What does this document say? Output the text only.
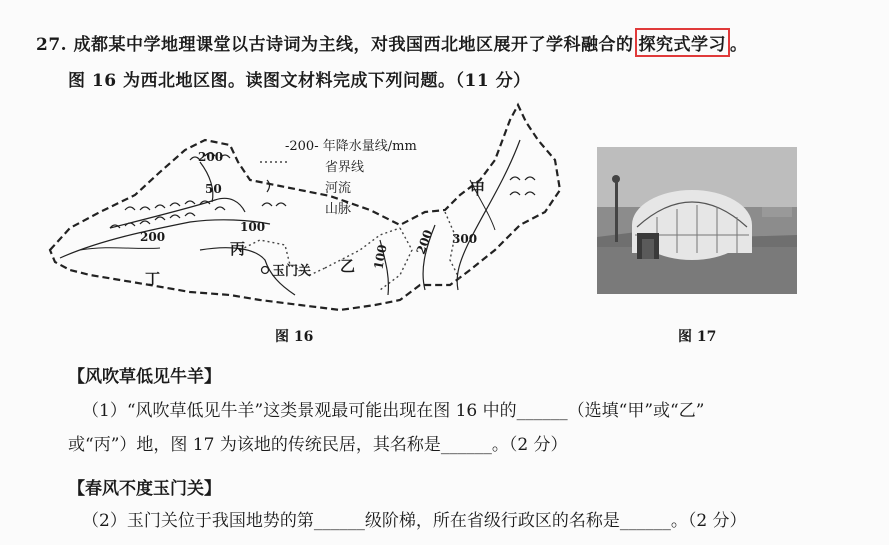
27. 成都某中学地理课堂以古诗词为主线，对我国西北地区展开了学科融合的 探究式学习 。
图 16 为西北地区图。读图文材料完成下列问题。（11 分）
-200- 年降水量线/mm
省界线
河流
山脉
甲
乙
丙
丁	玉门关
200
50
100
200
100
200 300
图 16	图 17
【风吹草低见牛羊】
（1）“风吹草低见牛羊”这类景观最可能出现在图 16 中的______（选填“甲”或“乙”
或“丙”）地，图 17 为该地的传统民居，其名称是______。（2 分）
【春风不度玉门关】
（2）玉门关位于我国地势的第______级阶梯，所在省级行政区的名称是______。（2 分）
